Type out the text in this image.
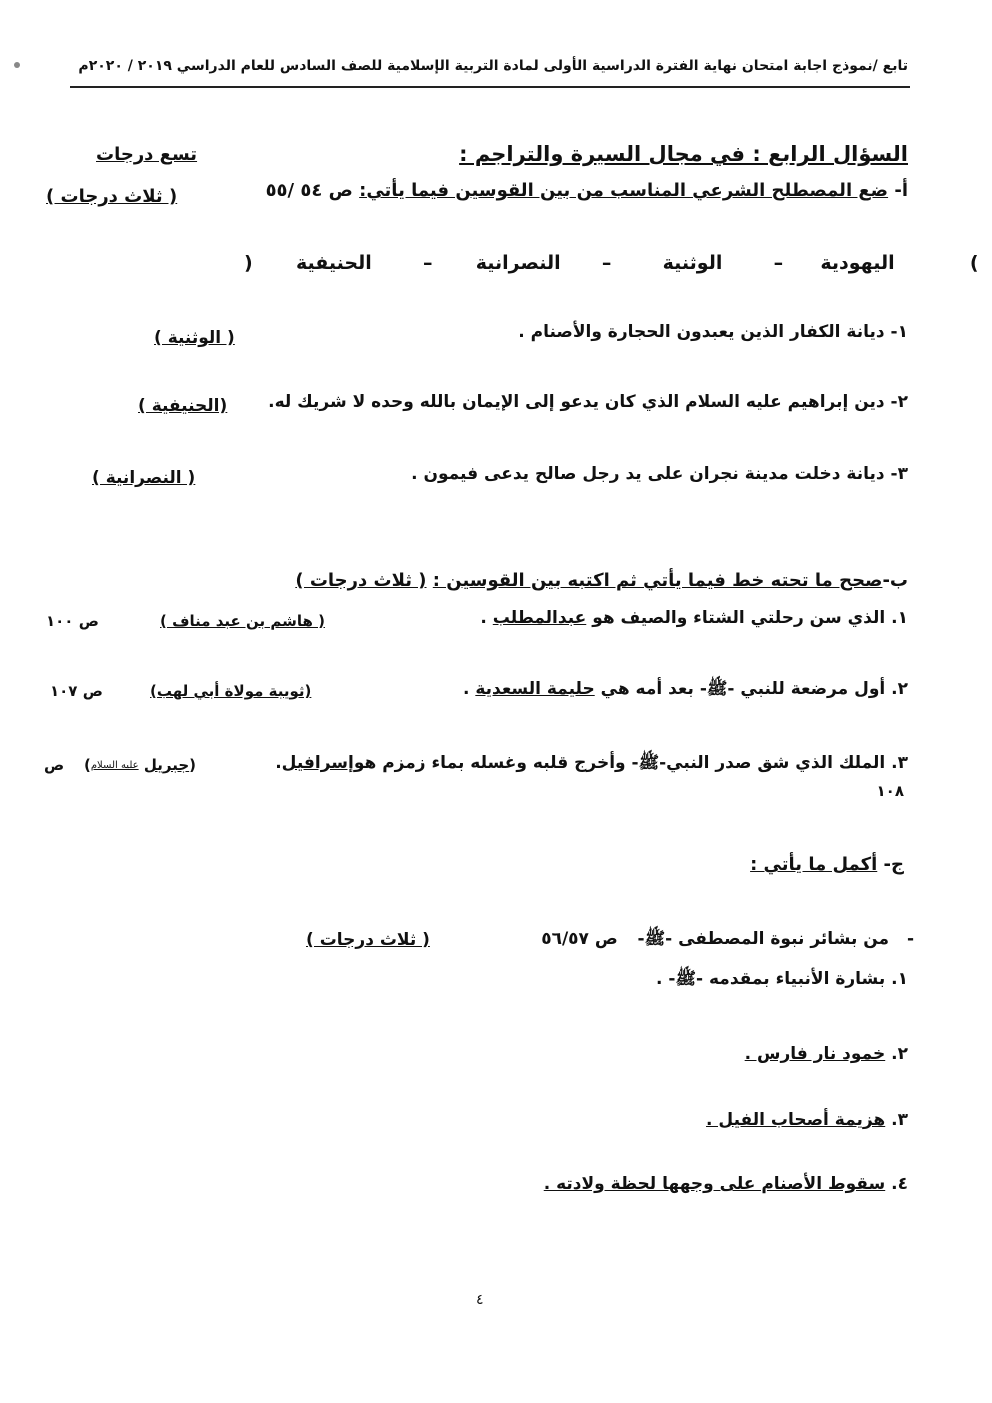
تابع /نموذج اجابة امتحان نهاية الفترة الدراسية الأولى لمادة التربية الإسلامية للصف السادس للعام الدراسي ٢٠١٩ / ٢٠٢٠م
السؤال الرابع : في مجال السيرة والتراجم :
تسع درجات
أ- ضع المصطلح الشرعي المناسب من بين القوسين فيما يأتي: ص ٥٤ /٥٥
( ثلاث درجات )
)	اليهودية  –  الوثنية  –  النصرانية  –  الحنيفية	(
١- ديانة الكفار الذين يعبدون الحجارة والأصنام .
( الوثنية )
٢- دين إبراهيم عليه السلام الذي كان يدعو إلى الإيمان بالله وحده لا شريك له.
(الحنيفية )
٣- ديانة دخلت مدينة نجران على يد رجل صالح يدعى فيمون .
( النصرانية )
ب-صحح ما تحته خط فيما يأتي ثم اكتبه بين القوسين : ( ثلاث درجات )
١. الذي سن رحلتي الشتاء والصيف هو عبدالمطلب .
( هاشم بن عبد مناف )
ص ١٠٠
٢. أول مرضعة للنبي -ﷺ- بعد أمه هي حليمة السعدية .
(ثويبة مولاة أبي لهب)
ص ١٠٧
٣. الملك الذي شق صدر النبي-ﷺ- وأخرج قلبه وغسله بماء زمزم هوإسرافيل.
(جبريل عليه السلام)
ص
١٠٨
ج- أكمل ما يأتي :
-  من بشائر نبوة المصطفى -ﷺ-  ص ٥٦/٥٧
( ثلاث درجات )
١. بشارة الأنبياء بمقدمه -ﷺ- .
٢. خمود نار فارس .
٣. هزيمة أصحاب الفيل .
٤. سقوط الأصنام على وجهها لحظة ولادته .
٤
